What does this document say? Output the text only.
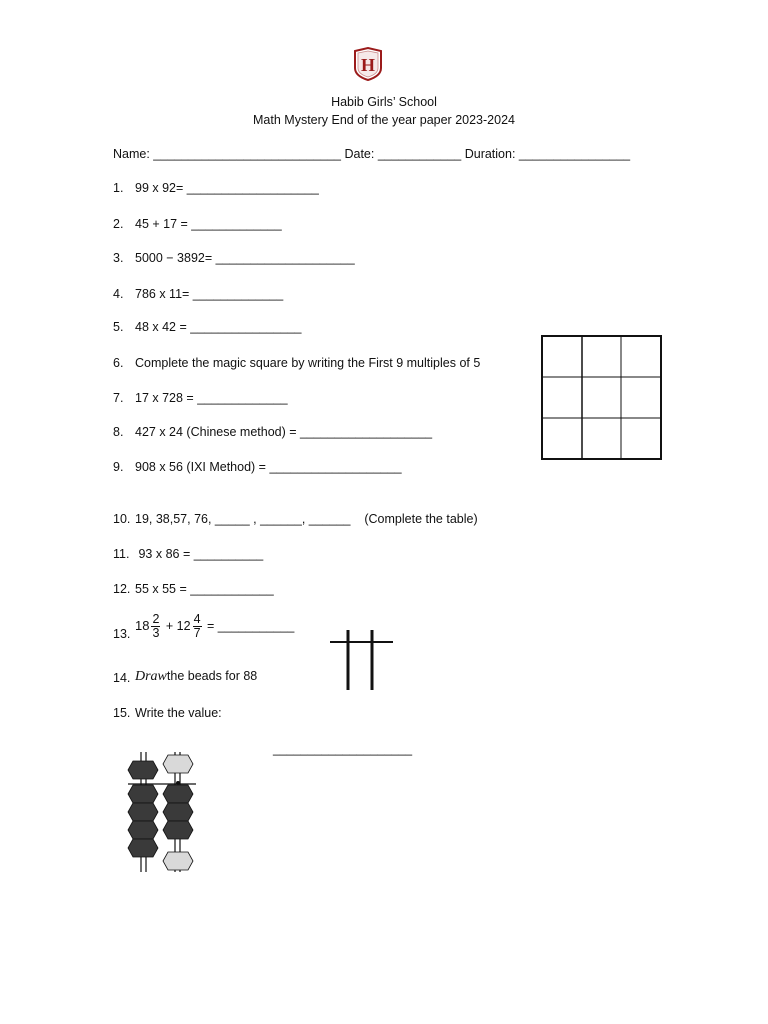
H
Habib Girls’ School
Math Mystery End of the year paper 2023-2024
Name: ___________________________ Date: ____________ Duration: ________________
1. 99 x 92= ___________________
2. 45 + 17 = _____________
3. 5000 − 3892= ____________________
4. 786 x 11= _____________
5. 48 x 42 = ________________
6. Complete the magic square by writing the First 9 multiples of 5
7. 17 x 728 = _____________
8. 427 x 24 (Chinese method) = ___________________
9. 908 x 56 (IXI Method) = ___________________
10. 19, 38,57, 76, _____ , ______, ______    (Complete the table)
11. 93 x 86 = __________
12. 55 x 55 = ____________
13.
$18 \frac{2}{3} + 12 \frac{4}{7}$ = ___________
14. Drawthe beads for 88
15. Write the value:
____________________
